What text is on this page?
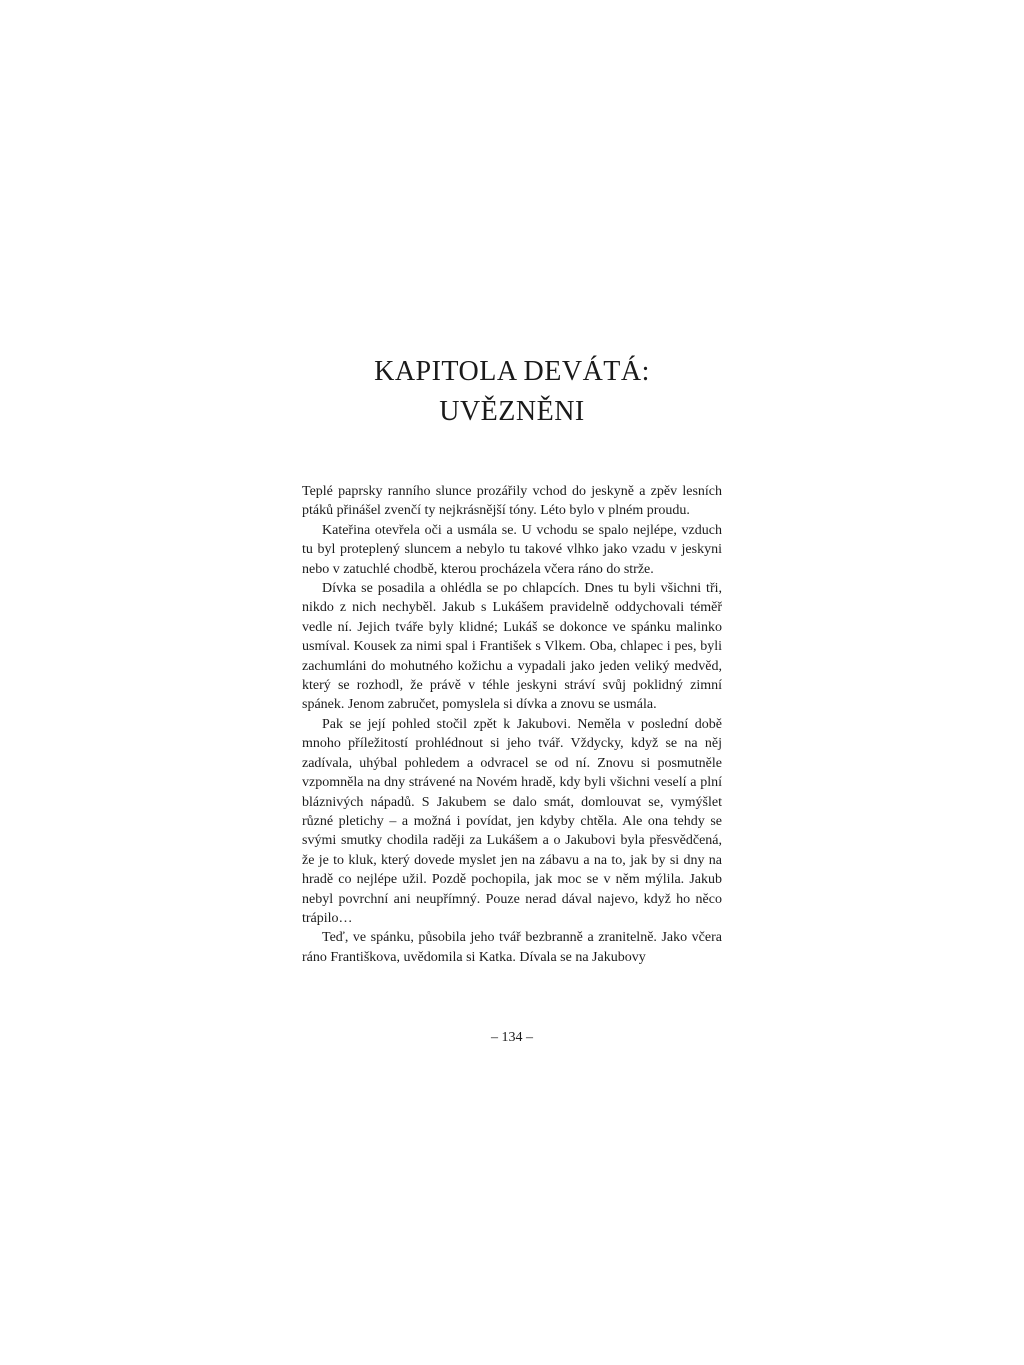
KAPITOLA DEVÁTÁ:
UVĚZNĚNI

Teplé paprsky ranního slunce prozářily vchod do jeskyně a zpěv lesních ptáků přinášel zvenčí ty nejkrásnější tóny. Léto bylo v plném proudu.

Kateřina otevřela oči a usmála se. U vchodu se spalo nejlépe, vzduch tu byl proteplený sluncem a nebylo tu takové vlhko jako vzadu v jeskyni nebo v zatuchlé chodbě, kterou procházela včera ráno do strže.

Dívka se posadila a ohlédla se po chlapcích. Dnes tu byli všichni tři, nikdo z nich nechyběl. Jakub s Lukášem pravidelně oddychovali téměř vedle ní. Jejich tváře byly klidné; Lukáš se dokonce ve spánku malinko usmíval. Kousek za nimi spal i František s Vlkem. Oba, chlapec i pes, byli zachumláni do mohutného kožichu a vypadali jako jeden veliký medvěd, který se rozhodl, že právě v téhle jeskyni stráví svůj poklidný zimní spánek. Jenom zabručet, pomyslela si dívka a znovu se usmála.

Pak se její pohled stočil zpět k Jakubovi. Neměla v poslední době mnoho příležitostí prohlédnout si jeho tvář. Vždycky, když se na něj zadívala, uhýbal pohledem a odvracel se od ní. Znovu si posmutněle vzpomněla na dny strávené na Novém hradě, kdy byli všichni veselí a plní bláznivých nápadů. S Jakubem se dalo smát, domlouvat se, vymýšlet různé pletichy – a možná i povídat, jen kdyby chtěla. Ale ona tehdy se svými smutky chodila raději za Lukášem a o Jakubovi byla přesvědčená, že je to kluk, který dovede myslet jen na zábavu a na to, jak by si dny na hradě co nejlépe užil. Pozdě pochopila, jak moc se v něm mýlila. Jakub nebyl povrchní ani neupřímný. Pouze nerad dával najevo, když ho něco trápilo…

Teď, ve spánku, působila jeho tvář bezbranně a zranitelně. Jako včera ráno Františkova, uvědomila si Katka. Dívala se na Jakubovy

– 134 –
